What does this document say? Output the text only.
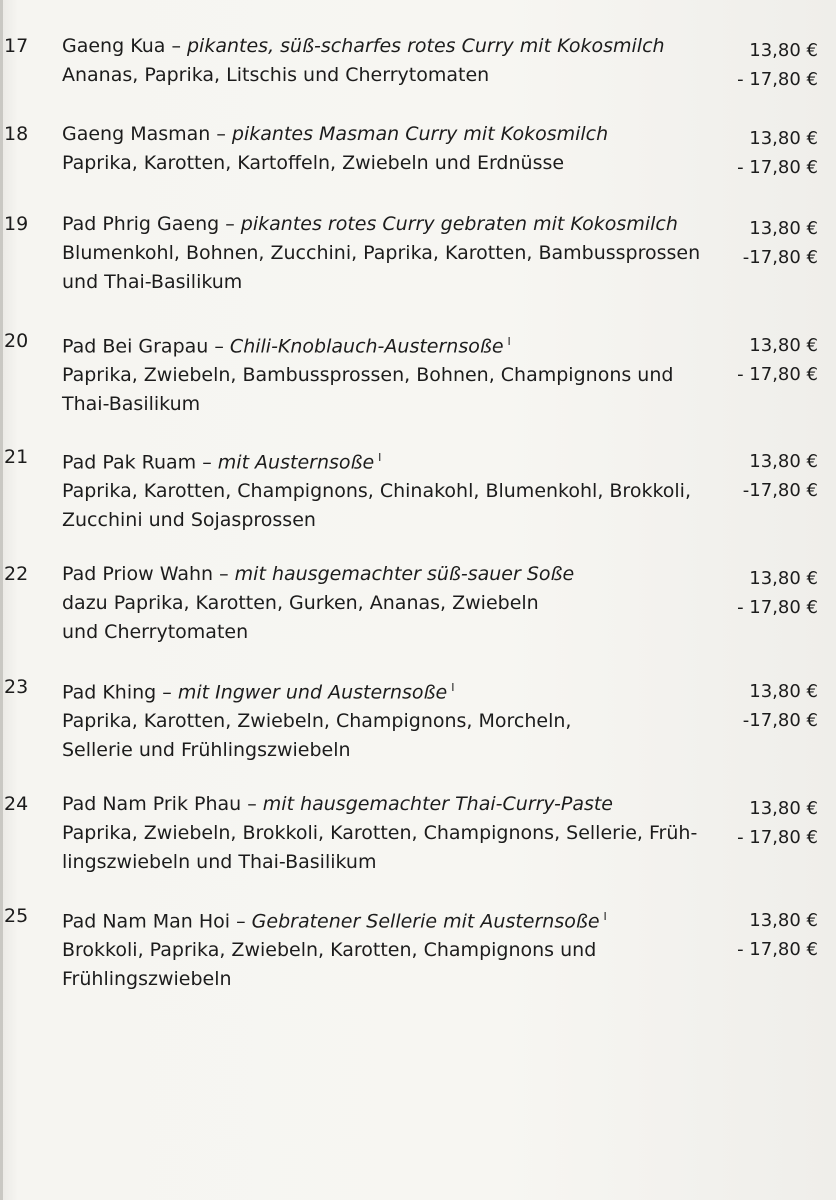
17	Gaeng Kua – pikantes, süß-scharfes rotes Curry mit Kokosmilch
Ananas, Paprika, Litschis und Cherrytomaten
13,80 €
- 17,80 €
18	Gaeng Masman – pikantes Masman Curry mit Kokosmilch
Paprika, Karotten, Kartoffeln, Zwiebeln und Erdnüsse
13,80 €
- 17,80 €
19	Pad Phrig Gaeng – pikantes rotes Curry gebraten mit Kokosmilch
Blumenkohl, Bohnen, Zucchini, Paprika, Karotten, Bambussprossen
und Thai-Basilikum
13,80 €
-17,80 €
20	Pad Bei Grapau – Chili-Knoblauch-Austernsoße $^I$
Paprika, Zwiebeln, Bambussprossen, Bohnen, Champignons und
Thai-Basilikum
13,80 €
- 17,80 €
21	Pad Pak Ruam – mit Austernsoße $^I$
Paprika, Karotten, Champignons, Chinakohl, Blumenkohl, Brokkoli,
Zucchini und Sojasprossen
13,80 €
-17,80 €
22	Pad Priow Wahn – mit hausgemachter süß-sauer Soße
dazu Paprika, Karotten, Gurken, Ananas, Zwiebeln
und Cherrytomaten
13,80 €
- 17,80 €
23	Pad Khing – mit Ingwer und Austernsoße $^I$
Paprika, Karotten, Zwiebeln, Champignons, Morcheln,
Sellerie und Frühlingszwiebeln
13,80 €
-17,80 €
24	Pad Nam Prik Phau – mit hausgemachter Thai-Curry-Paste
Paprika, Zwiebeln, Brokkoli, Karotten, Champignons, Sellerie, Früh-
lingszwiebeln und Thai-Basilikum
13,80 €
- 17,80 €
25	Pad Nam Man Hoi – Gebratener Sellerie mit Austernsoße $^I$
Brokkoli, Paprika, Zwiebeln, Karotten, Champignons und
Frühlingszwiebeln
13,80 €
- 17,80 €
